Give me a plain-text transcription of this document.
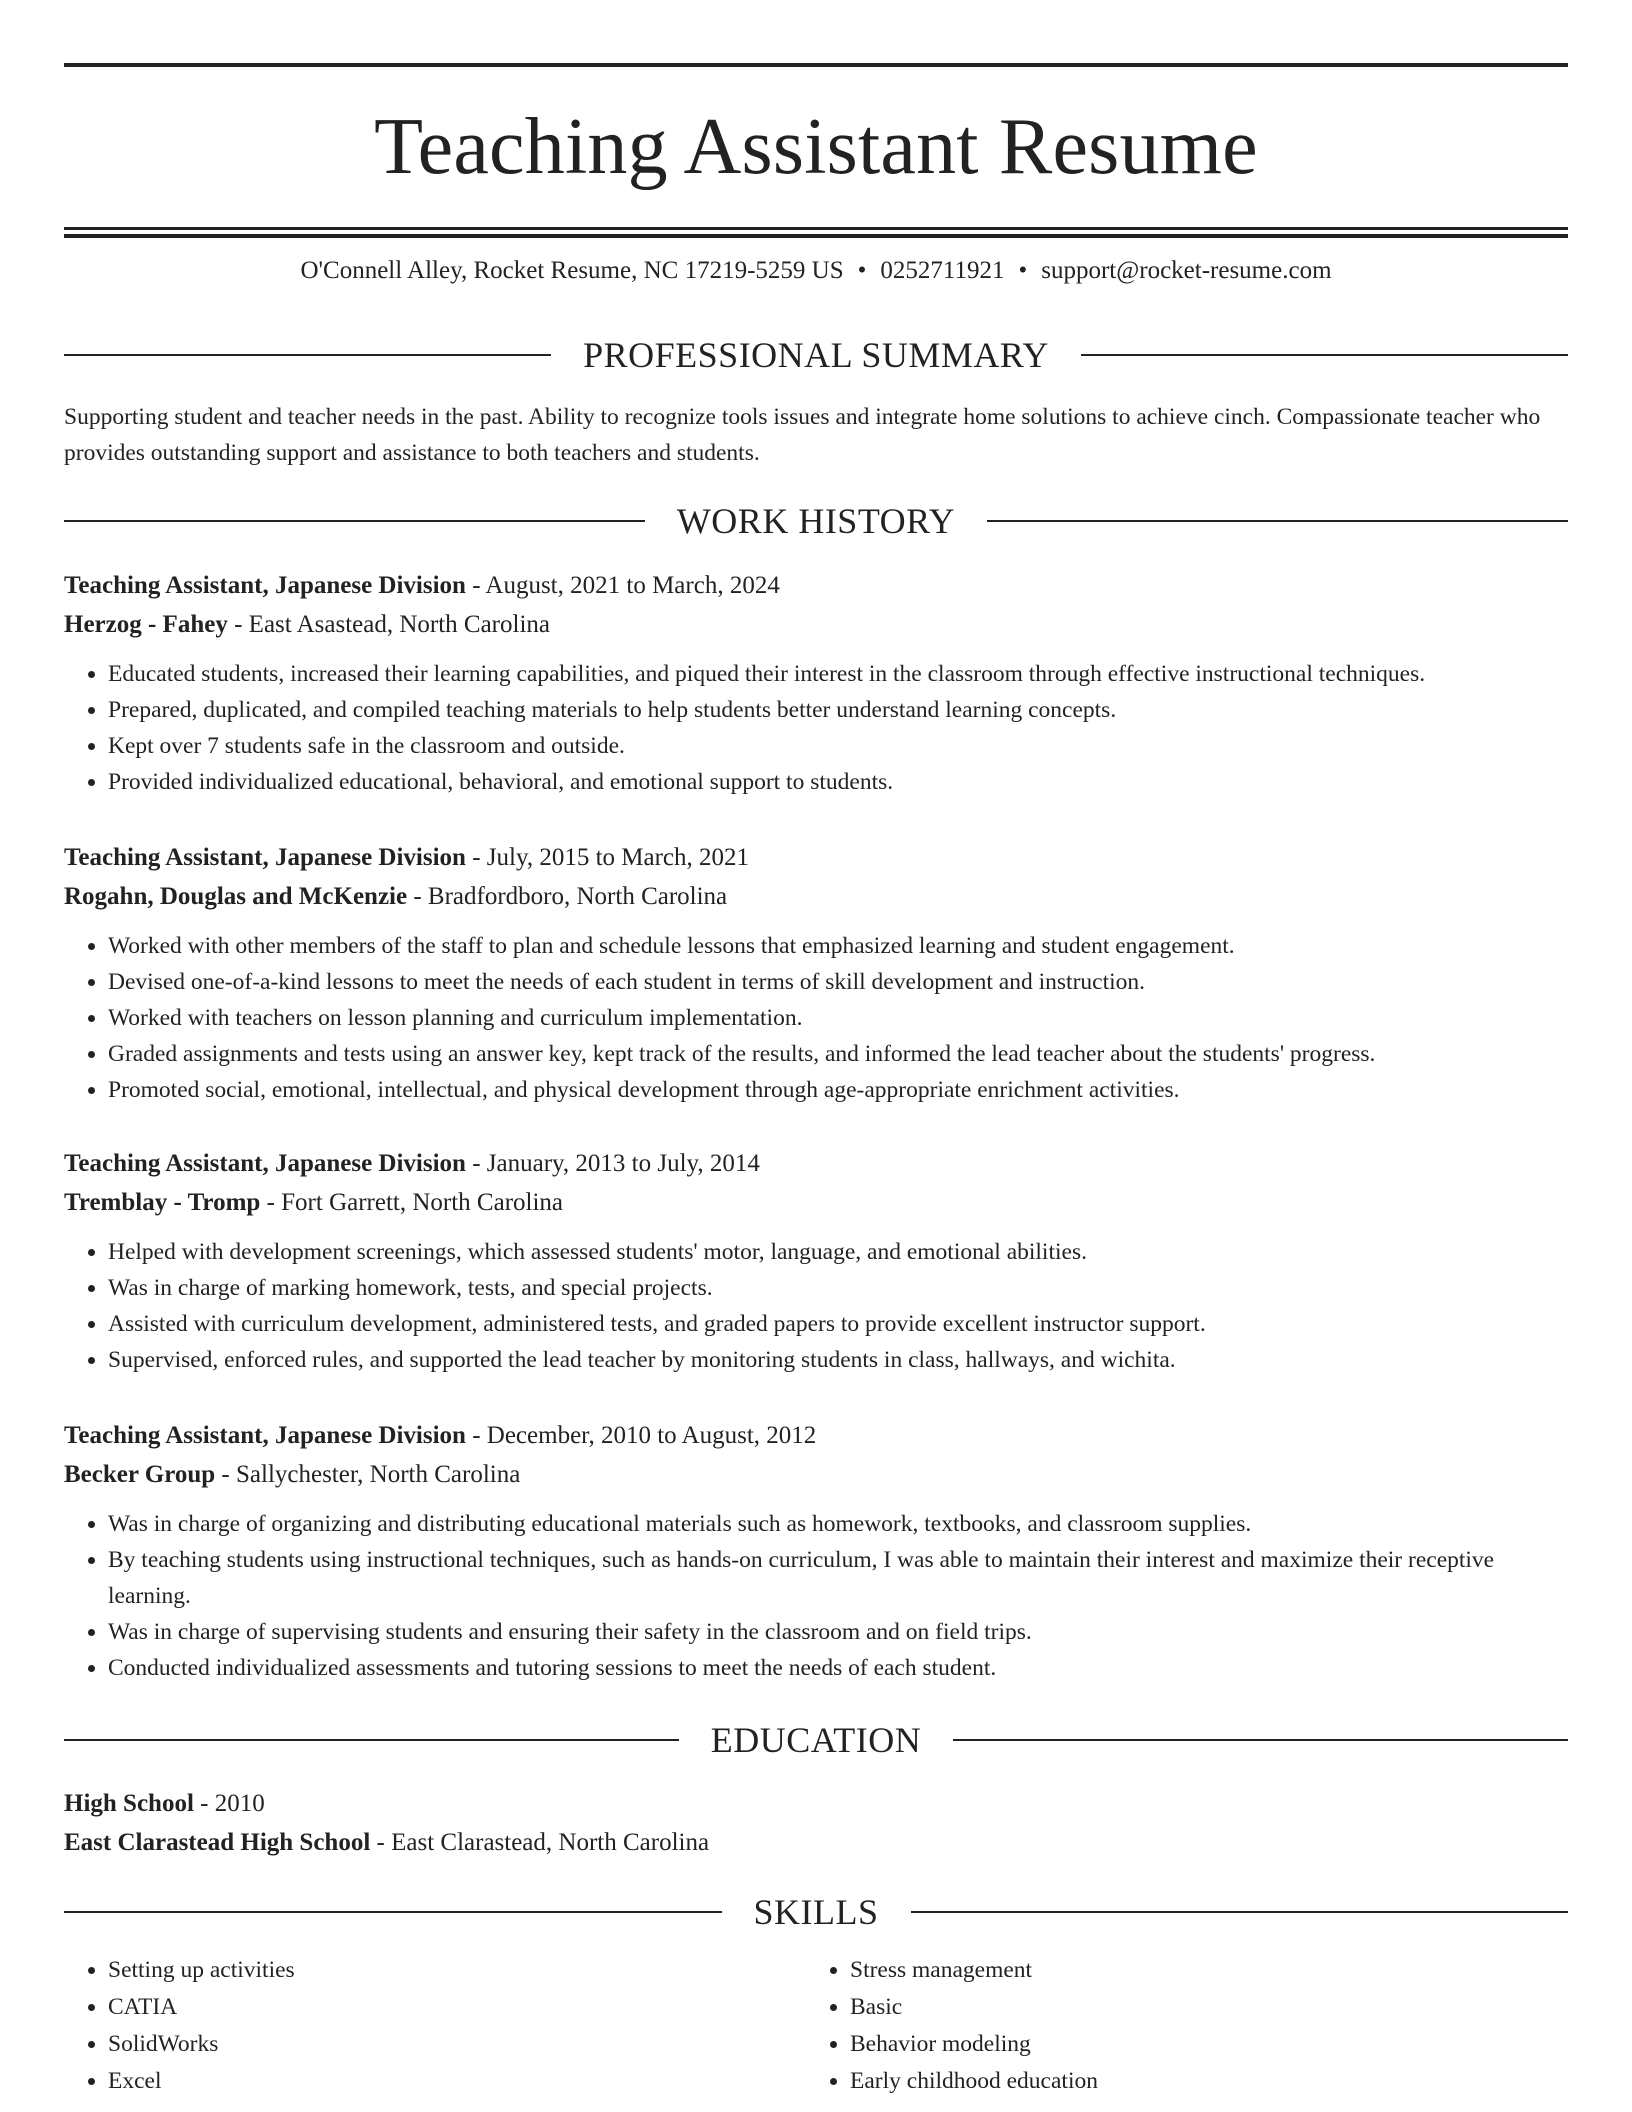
Teaching Assistant Resume
O'Connell Alley, Rocket Resume, NC 17219-5259 US • 0252711921 • support@rocket-resume.com
PROFESSIONAL SUMMARY

Supporting student and teacher needs in the past. Ability to recognize tools issues and integrate home solutions to achieve cinch. Compassionate teacher who provides outstanding support and assistance to both teachers and students.

WORK HISTORY

Teaching Assistant, Japanese Division - August, 2021 to March, 2024

Herzog - Fahey - East Asastead, North Carolina

• Educated students, increased their learning capabilities, and piqued their interest in the classroom through effective instructional techniques.
• Prepared, duplicated, and compiled teaching materials to help students better understand learning concepts.
• Kept over 7 students safe in the classroom and outside.
• Provided individualized educational, behavioral, and emotional support to students.

Teaching Assistant, Japanese Division - July, 2015 to March, 2021

Rogahn, Douglas and McKenzie - Bradfordboro, North Carolina

• Worked with other members of the staff to plan and schedule lessons that emphasized learning and student engagement.
• Devised one-of-a-kind lessons to meet the needs of each student in terms of skill development and instruction.
• Worked with teachers on lesson planning and curriculum implementation.
• Graded assignments and tests using an answer key, kept track of the results, and informed the lead teacher about the students' progress.
• Promoted social, emotional, intellectual, and physical development through age-appropriate enrichment activities.

Teaching Assistant, Japanese Division - January, 2013 to July, 2014

Tremblay - Tromp - Fort Garrett, North Carolina

• Helped with development screenings, which assessed students' motor, language, and emotional abilities.
• Was in charge of marking homework, tests, and special projects.
• Assisted with curriculum development, administered tests, and graded papers to provide excellent instructor support.
• Supervised, enforced rules, and supported the lead teacher by monitoring students in class, hallways, and wichita.

Teaching Assistant, Japanese Division - December, 2010 to August, 2012

Becker Group - Sallychester, North Carolina

• Was in charge of organizing and distributing educational materials such as homework, textbooks, and classroom supplies.
• By teaching students using instructional techniques, such as hands-on curriculum, I was able to maintain their interest and maximize their receptive learning.
• Was in charge of supervising students and ensuring their safety in the classroom and on field trips.
• Conducted individualized assessments and tutoring sessions to meet the needs of each student.
EDUCATION

High School - 2010

East Clarastead High School - East Clarastead, North Carolina

SKILLS
• Setting up activities
• CATIA
• SolidWorks
• Excel
• Stress management
• Basic
• Behavior modeling
• Early childhood education
